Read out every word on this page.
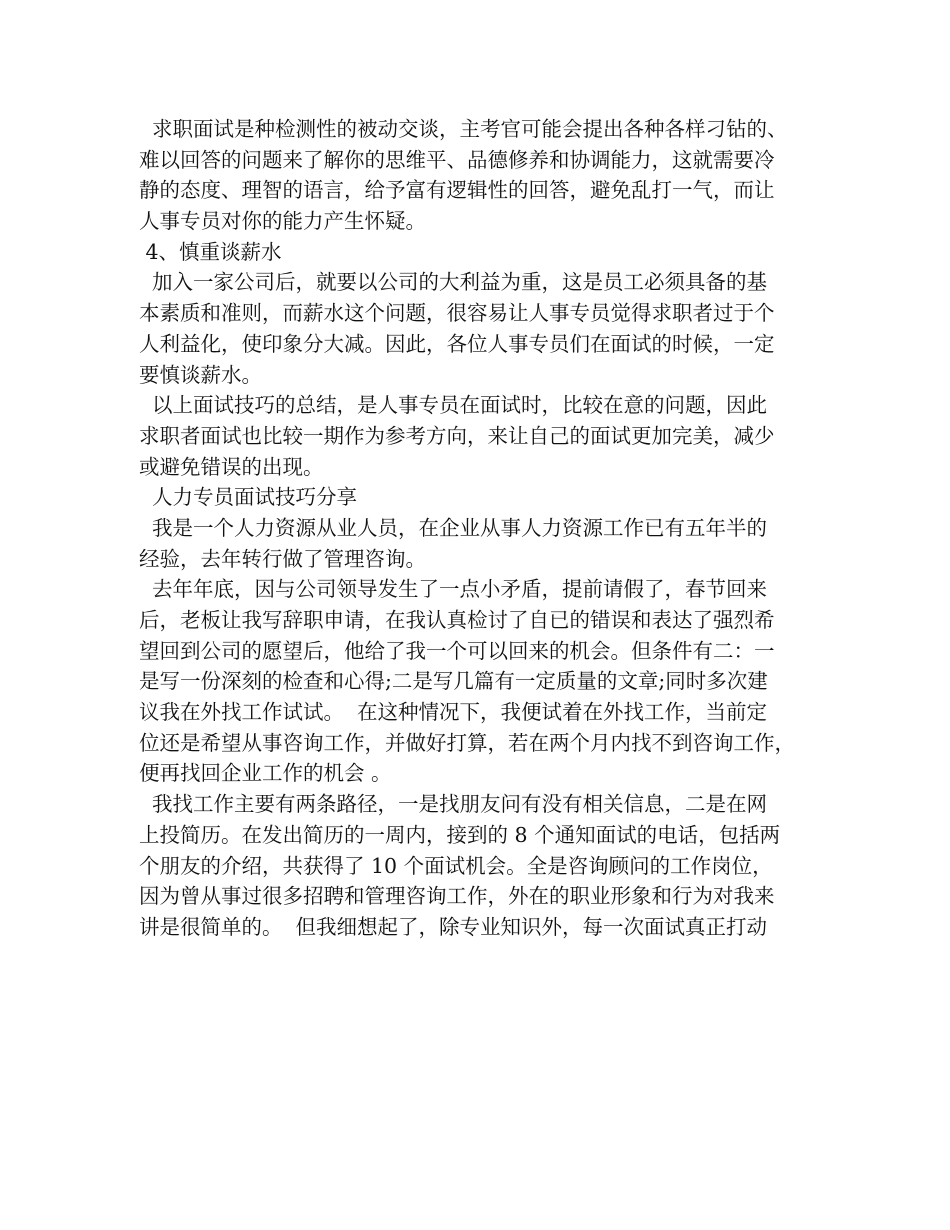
求职面试是种检测性的被动交谈，主考官可能会提出各种各样刁钻的、
难以回答的问题来了解你的思维平、品德修养和协调能力，这就需要冷
静的态度、理智的语言，给予富有逻辑性的回答，避免乱打一气，而让
人事专员对你的能力产生怀疑。
4、慎重谈薪水
加入一家公司后，就要以公司的大利益为重，这是员工必须具备的基
本素质和准则，而薪水这个问题，很容易让人事专员觉得求职者过于个
人利益化，使印象分大减。因此，各位人事专员们在面试的时候，一定
要慎谈薪水。
以上面试技巧的总结，是人事专员在面试时，比较在意的问题，因此
求职者面试也比较一期作为参考方向，来让自己的面试更加完美，减少
或避免错误的出现。
人力专员面试技巧分享
我是一个人力资源从业人员，在企业从事人力资源工作已有五年半的
经验，去年转行做了管理咨询。
去年年底，因与公司领导发生了一点小矛盾，提前请假了，春节回来
后，老板让我写辞职申请，在我认真检讨了自已的错误和表达了强烈希
望回到公司的愿望后，他给了我一个可以回来的机会。但条件有二：一
是写一份深刻的检查和心得;二是写几篇有一定质量的文章;同时多次建
议我在外找工作试试。  在这种情况下，我便试着在外找工作，当前定
位还是希望从事咨询工作，并做好打算，若在两个月内找不到咨询工作，
便再找回企业工作的机会 。
我找工作主要有两条路径，一是找朋友问有没有相关信息，二是在网
上投简历。在发出简历的一周内，接到的 8 个通知面试的电话，包括两
个朋友的介绍，共获得了 10 个面试机会。全是咨询顾问的工作岗位，
因为曾从事过很多招聘和管理咨询工作，外在的职业形象和行为对我来
讲是很简单的。  但我细想起了，除专业知识外，每一次面试真正打动
